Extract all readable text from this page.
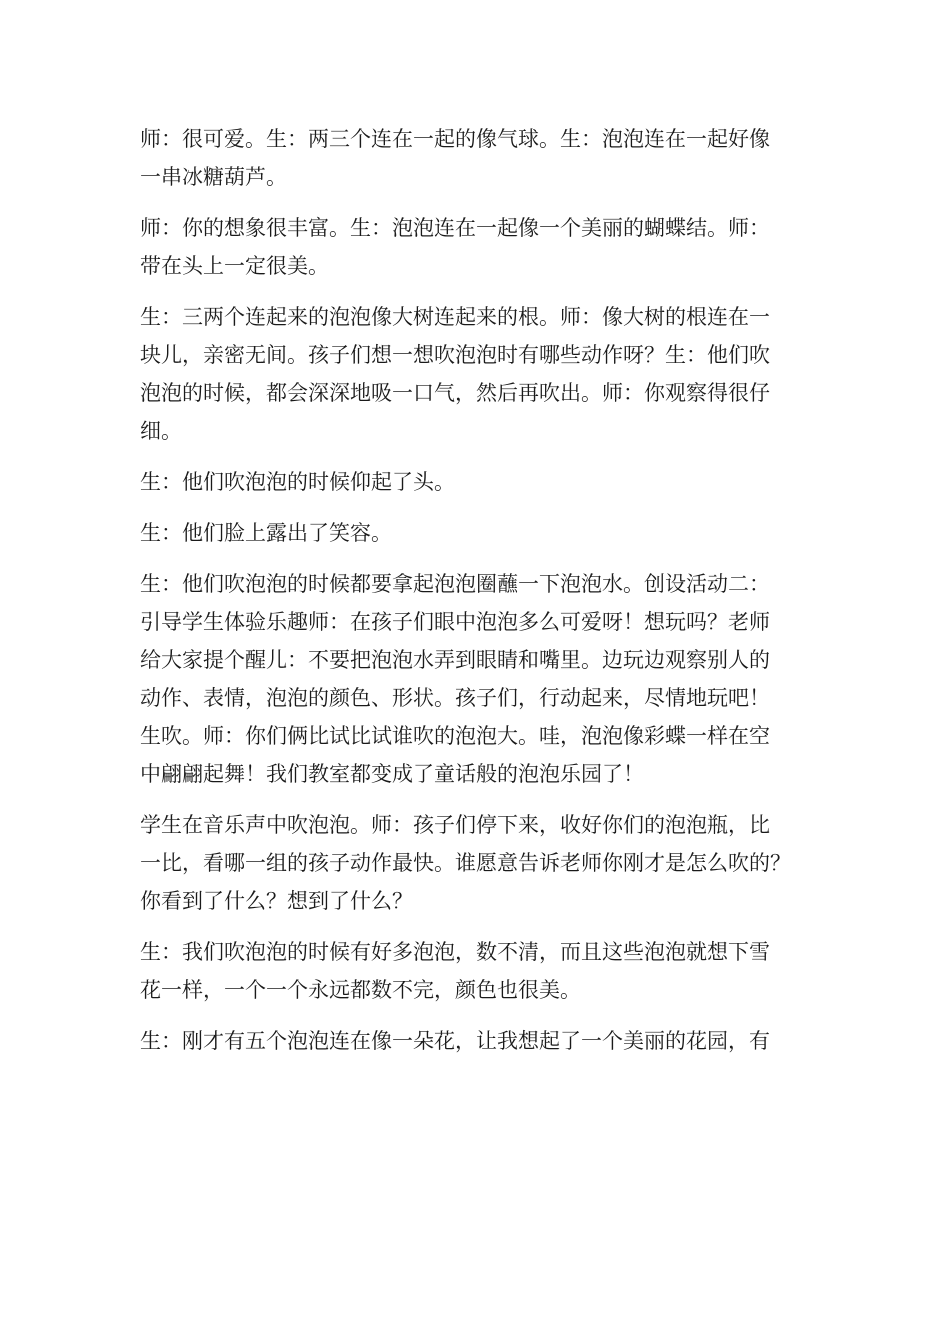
师：很可爱。生：两三个连在一起的像气球。生：泡泡连在一起好像
一串冰糖葫芦。
师：你的想象很丰富。生：泡泡连在一起像一个美丽的蝴蝶结。师：
带在头上一定很美。
生：三两个连起来的泡泡像大树连起来的根。师：像大树的根连在一
块儿，亲密无间。孩子们想一想吹泡泡时有哪些动作呀？生：他们吹
泡泡的时候，都会深深地吸一口气，然后再吹出。师：你观察得很仔
细。
生：他们吹泡泡的时候仰起了头。
生：他们脸上露出了笑容。
生：他们吹泡泡的时候都要拿起泡泡圈蘸一下泡泡水。创设活动二：
引导学生体验乐趣师：在孩子们眼中泡泡多么可爱呀！想玩吗？老师
给大家提个醒儿：不要把泡泡水弄到眼睛和嘴里。边玩边观察别人的
动作、表情，泡泡的颜色、形状。孩子们，行动起来，尽情地玩吧！
生吹。师：你们俩比试比试谁吹的泡泡大。哇，泡泡像彩蝶一样在空
中翩翩起舞！我们教室都变成了童话般的泡泡乐园了！
学生在音乐声中吹泡泡。师：孩子们停下来，收好你们的泡泡瓶，比
一比，看哪一组的孩子动作最快。谁愿意告诉老师你刚才是怎么吹的？
你看到了什么？想到了什么？
生：我们吹泡泡的时候有好多泡泡，数不清，而且这些泡泡就想下雪
花一样，一个一个永远都数不完，颜色也很美。
生：刚才有五个泡泡连在像一朵花，让我想起了一个美丽的花园，有
